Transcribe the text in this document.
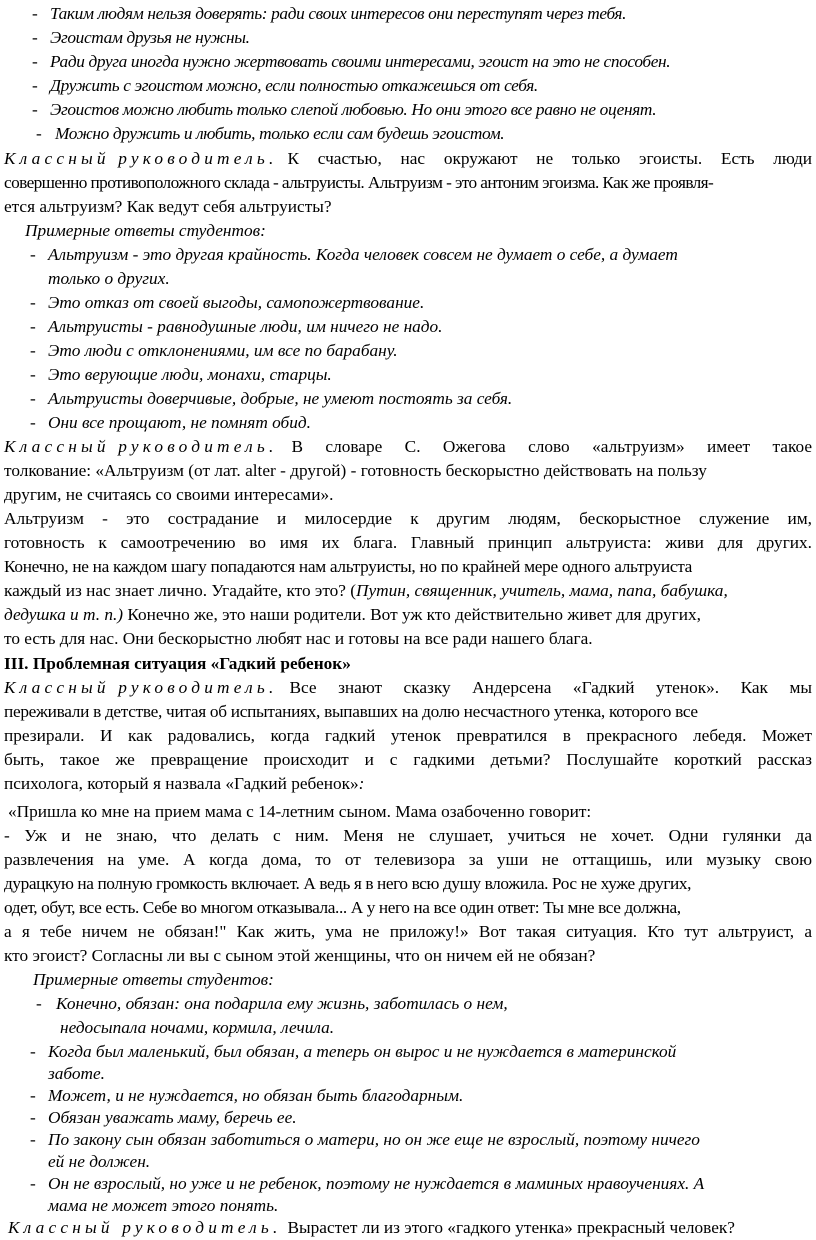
- Таким людям нельзя доверять: ради своих интересов они переступят через тебя.
- Эгоистам друзья не нужны.
- Ради друга иногда нужно жертвовать своими интересами, эгоист на это не способен.
- Дружить с эгоистом можно, если полностью откажешься от себя.
- Эгоистов можно любить только слепой любовью. Но они этого все равно не оценят.
- Можно дружить и любить, только если сам будешь эгоистом.
Классный руководитель. К счастью, нас окружают не только эгоисты. Есть люди
совершенно противоположного склада - альтруисты. Альтруизм - это антоним эгоизма. Как же проявля-
ется альтруизм? Как ведут себя альтруисты?
Примерные ответы студентов:
- Альтруизм - это другая крайность. Когда человек совсем не думает о себе, а думает
только о других.
- Это отказ от своей выгоды, самопожертвование.
- Альтруисты - равнодушные люди, им ничего не надо.
- Это люди с отклонениями, им все по барабану.
- Это верующие люди, монахи, старцы.
- Альтруисты доверчивые, добрые, не умеют постоять за себя.
- Они все прощают, не помнят обид.
Классный руководитель. В словаре С. Ожегова слово «альтруизм» имеет такое
толкование: «Альтруизм (от лат. alter - другой) - готовность бескорыстно действовать на пользу
другим, не считаясь со своими интересами».
Альтруизм - это сострадание и милосердие к другим людям, бескорыстное служение им,
готовность к самоотречению во имя их блага. Главный принцип альтруиста: живи для других.
Конечно, не на каждом шагу попадаются нам альтруисты, но по крайней мере одного альтруиста
каждый из нас знает лично. Угадайте, кто это? (Путин, священник, учитель, мама, папа, бабушка,
дедушка и т. п.) Конечно же, это наши родители. Вот уж кто действительно живет для других,
то есть для нас. Они бескорыстно любят нас и готовы на все ради нашего блага.
III. Проблемная ситуация «Гадкий ребенок»
Классный руководитель. Все знают сказку Андерсена «Гадкий утенок». Как мы
переживали в детстве, читая об испытаниях, выпавших на долю несчастного утенка, которого все
презирали. И как радовались, когда гадкий утенок превратился в прекрасного лебедя. Может
быть, такое же превращение происходит и с гадкими детьми? Послушайте короткий рассказ
психолога, который я назвала «Гадкий ребенок»:
«Пришла ко мне на прием мама с 14-летним сыном. Мама озабоченно говорит:
- Уж и не знаю, что делать с ним. Меня не слушает, учиться не хочет. Одни гулянки да
развлечения на уме. А когда дома, то от телевизора за уши не оттащишь, или музыку свою
дурацкую на полную громкость включает. А ведь я в него всю душу вложила. Рос не хуже других,
одет, обут, все есть. Себе во многом отказывала... А у него на все один ответ: Ты мне все должна,
а я тебе ничем не обязан!" Как жить, ума не приложу!» Вот такая ситуация. Кто тут альтруист, а
кто эгоист? Согласны ли вы с сыном этой женщины, что он ничем ей не обязан?
Примерные ответы студентов:
- Конечно, обязан: она подарила ему жизнь, заботилась о нем,
недосыпала ночами, кормила, лечила.
- Когда был маленький, был обязан, а теперь он вырос и не нуждается в материнской
заботе.
- Может, и не нуждается, но обязан быть благодарным.
- Обязан уважать маму, беречь ее.
- По закону сын обязан заботиться о матери, но он же еще не взрослый, поэтому ничего
ей не должен.
- Он не взрослый, но уже и не ребенок, поэтому не нуждается в маминых нравоучениях. А
мама не может этого понять.
Классный руководитель. Вырастет ли из этого «гадкого утенка» прекрасный человек?
